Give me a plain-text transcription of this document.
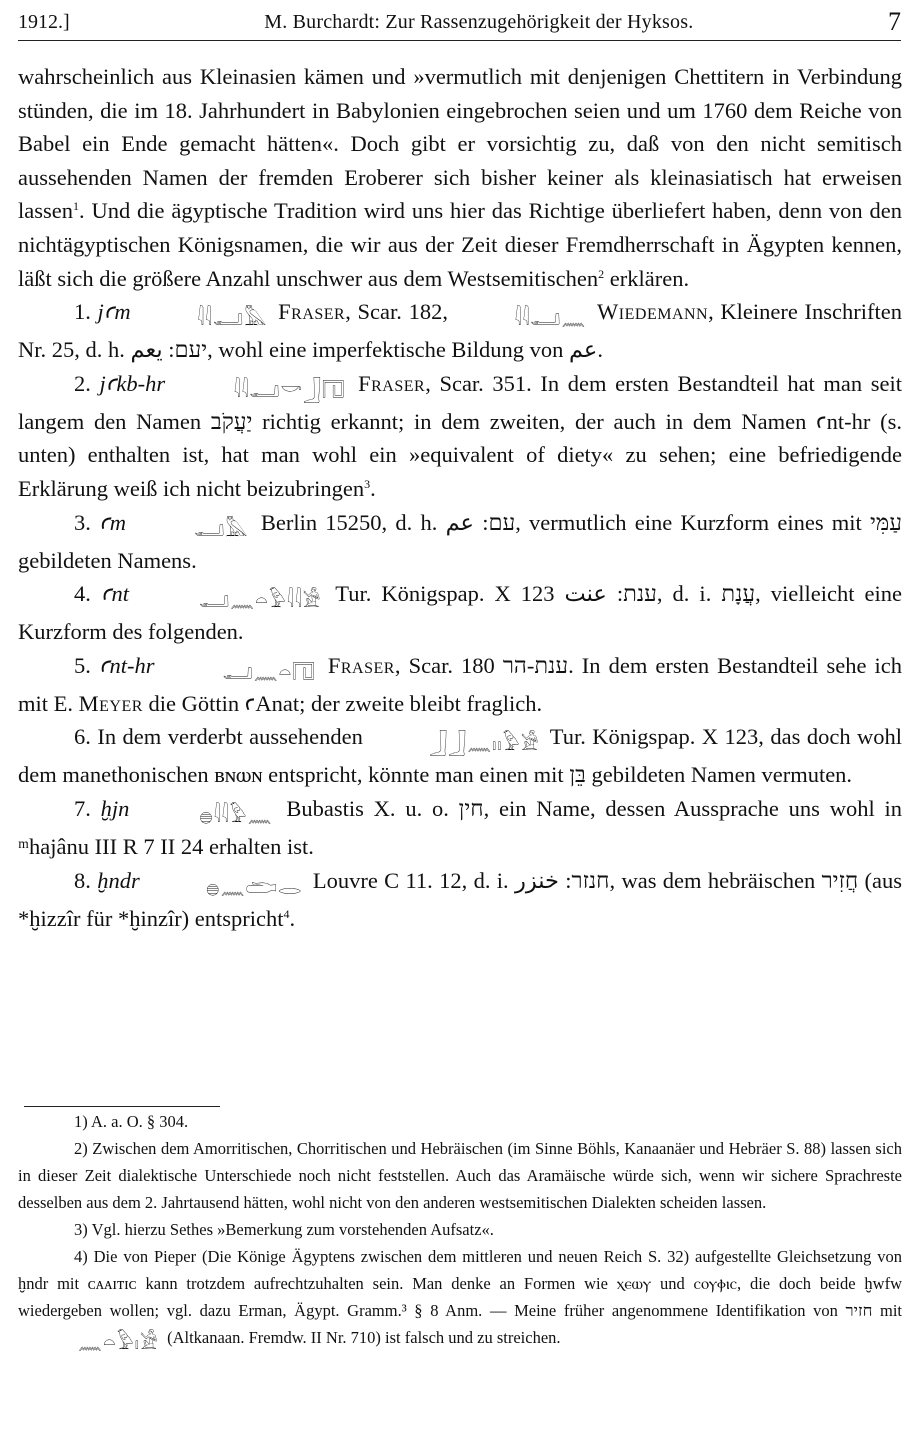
1912.]	M. Burchardt: Zur Rassenzugehörigkeit der Hyksos.	7

wahrscheinlich aus Kleinasien kämen und »vermutlich mit denjenigen Chettitern in Verbindung stünden, die im 18. Jahrhundert in Babylonien eingebrochen seien und um 1760 dem Reiche von Babel ein Ende gemacht hätten«. Doch gibt er vorsichtig zu, daß von den nicht semitisch aussehenden Namen der fremden Eroberer sich bisher keiner als kleinasiatisch hat erweisen lassen$^1$. Und die ägyptische Tradition wird uns hier das Richtige überliefert haben, denn von den nichtägyptischen Königsnamen, die wir aus der Zeit dieser Fremdherrschaft in Ägypten kennen, läßt sich die größere Anzahl unschwer aus dem Westsemitischen$^2$ erklären.

1. jꜥm	𓇋𓇋𓂝𓅓 Fraser, Scar. 182,	𓇋𓇋𓂝𓈖 Wiedemann, Kleinere Inschriften Nr. 25, d. h. יעם: يعم, wohl eine imperfektische Bildung von عم.

2. jꜥkb-hr	𓇋𓇋𓂝𓎡𓃀𓉔 Fraser, Scar. 351. In dem ersten Bestandteil hat man seit langem den Namen יַעֲקֹב richtig erkannt; in dem zweiten, der auch in dem Namen ꜥnt-hr (s. unten) enthalten ist, hat man wohl ein »equivalent of diety« zu sehen; eine befriedigende Erklärung weiß ich nicht beizubringen$^3$.

3. ꜥm	𓂝𓅓 Berlin 15250, d. h. עם: عم, vermutlich eine Kurzform eines mit עַמִּי gebildeten Namens.

4. ꜥnt	𓂝𓈖𓏏𓅱𓇋𓇋𓀀 Tur. Königspap. X 123 ענת: عنت, d. i. עֲנָת, vielleicht eine Kurzform des folgenden.

5. ꜥnt-hr	𓂝𓈖𓏏𓉔 Fraser, Scar. 180 ענת-הר. In dem ersten Bestandteil sehe ich mit E. Meyer die Göttin ꜥAnat; der zweite bleibt fraglich.

6. In dem verderbt aussehenden	𓃀𓃀𓈖𓏤𓏤𓅱𓀀 Tur. Königspap. X 123, das doch wohl dem manethonischen ʙɴⲱɴ entspricht, könnte man einen mit בֵּן gebildeten Namen vermuten.

7. ḫjn	𓐍𓇋𓇋𓅱𓈖 Bubastis X. u. o. חין, ein Name, dessen Aussprache uns wohl in ᵐhajânu III R 7 II 24 erhalten ist.

8. ḫndr	𓐍𓈖𓂧𓂋 Louvre C 11. 12, d. i. חנזר: خنزر, was dem hebräischen חֲזִיר (aus *ḫizzîr für *ḫinzîr) entspricht$^4$.

1) A. a. O. § 304.

2) Zwischen dem Amorritischen, Chorritischen und Hebräischen (im Sinne Böhls, Kanaanäer und Hebräer S. 88) lassen sich in dieser Zeit dialektische Unterschiede noch nicht feststellen. Auch das Aramäische würde sich, wenn wir sichere Sprachreste desselben aus dem 2. Jahrtausend hätten, wohl nicht von den anderen westsemitischen Dialekten scheiden lassen.

3) Vgl. hierzu Sethes »Bemerkung zum vorstehenden Aufsatz«.

4) Die von Pieper (Die Könige Ägyptens zwischen dem mittleren und neuen Reich S. 32) aufgestellte Gleichsetzung von ḫndr mit ᴄᴀᴀɪᴛɪᴄ kann trotzdem aufrechtzuhalten sein. Man denke an Formen wie ⲭⲉⲱⲩ und ⲥⲟⲩⲫⲓⲥ, die doch beide ḫwfw wiedergeben wollen; vgl. dazu Erman, Ägypt. Gramm.³ § 8 Anm. — Meine früher angenommene Identifikation von חזיר mit 𓈖𓏏𓅱𓏤𓀀 (Altkanaan. Fremdw. II Nr. 710) ist falsch und zu streichen.
